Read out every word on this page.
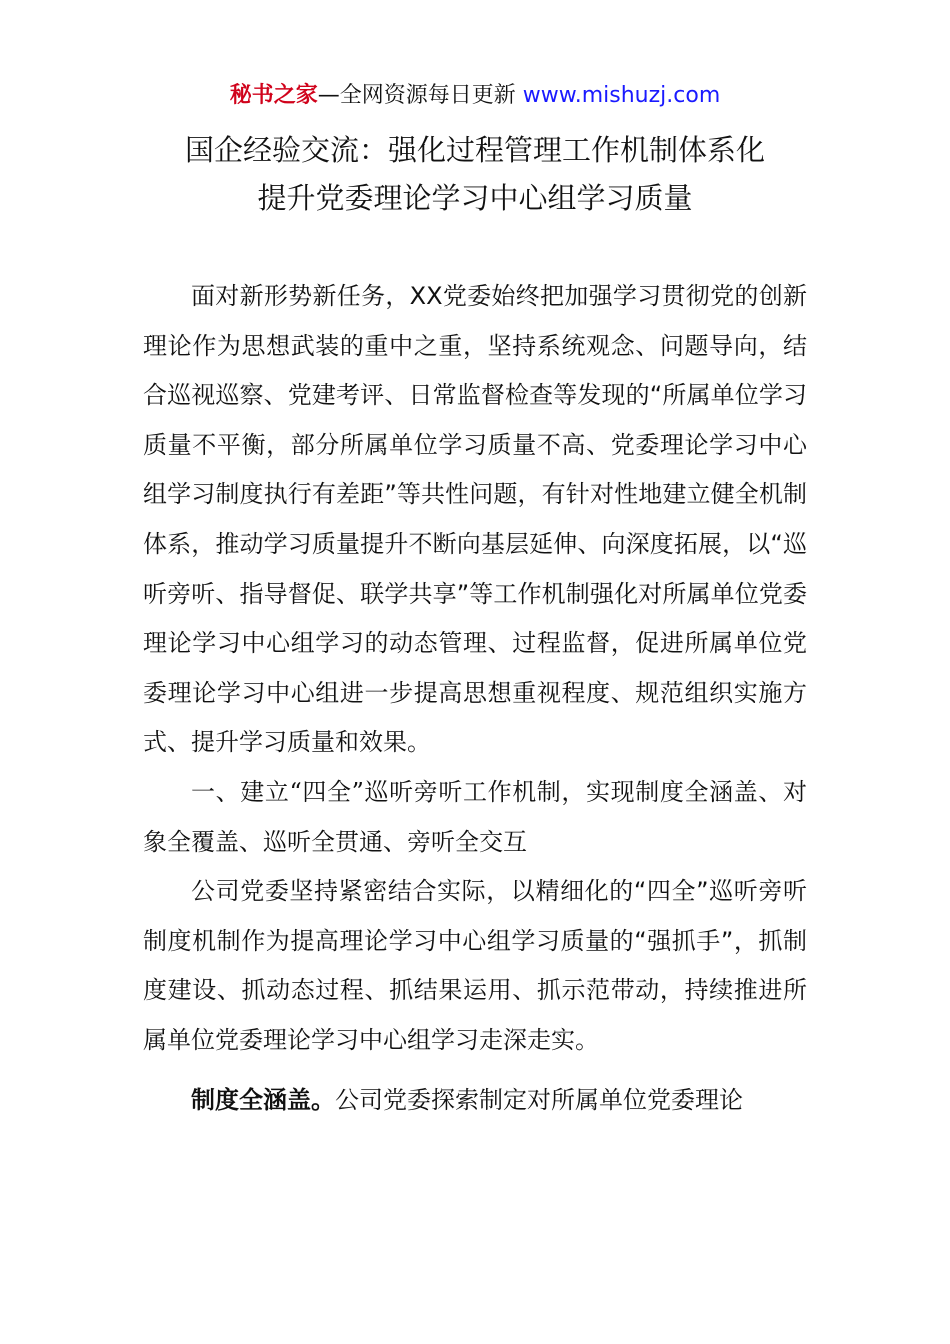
秘书之家—全网资源每日更新 www.mishuzj.com
国企经验交流：强化过程管理工作机制体系化
提升党委理论学习中心组学习质量

面对新形势新任务，XX党委始终把加强学习贯彻党的创新理论作为思想武装的重中之重，坚持系统观念、问题导向，结合巡视巡察、党建考评、日常监督检查等发现的“所属单位学习质量不平衡，部分所属单位学习质量不高、党委理论学习中心组学习制度执行有差距”等共性问题，有针对性地建立健全机制体系，推动学习质量提升不断向基层延伸、向深度拓展，以“巡听旁听、指导督促、联学共享”等工作机制强化对所属单位党委理论学习中心组学习的动态管理、过程监督，促进所属单位党委理论学习中心组进一步提高思想重视程度、规范组织实施方式、提升学习质量和效果。

一、建立“四全”巡听旁听工作机制，实现制度全涵盖、对象全覆盖、巡听全贯通、旁听全交互

公司党委坚持紧密结合实际，以精细化的“四全”巡听旁听制度机制作为提高理论学习中心组学习质量的“强抓手”，抓制度建设、抓动态过程、抓结果运用、抓示范带动，持续推进所属单位党委理论学习中心组学习走深走实。

制度全涵盖。公司党委探索制定对所属单位党委理论
